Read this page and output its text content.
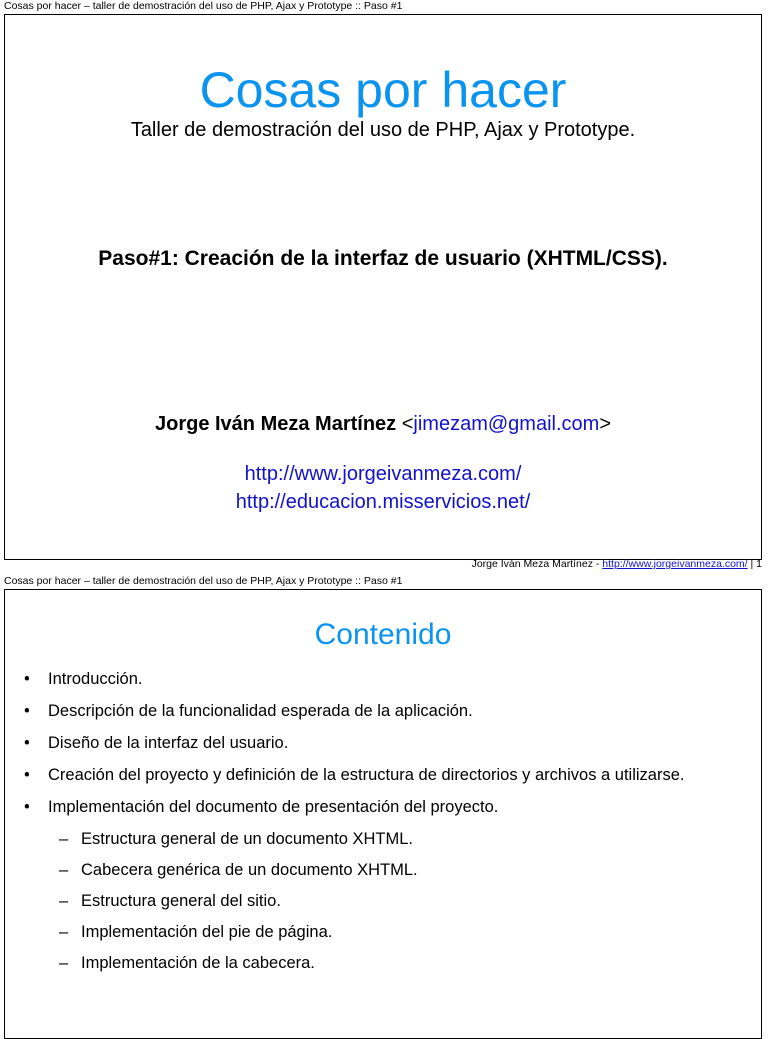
Cosas por hacer – taller de demostración del uso de PHP, Ajax y Prototype :: Paso #1
Cosas por hacer
Taller de demostración del uso de PHP, Ajax y Prototype.
Paso#1: Creación de la interfaz de usuario (XHTML/CSS).
Jorge Iván Meza Martínez <jimezam@gmail.com>
http://www.jorgeivanmeza.com/
http://educacion.misservicios.net/
Jorge Iván Meza Martínez - http://www.jorgeivanmeza.com/ | 1
Cosas por hacer – taller de demostración del uso de PHP, Ajax y Prototype :: Paso #1
Contenido
• Introducción.
• Descripción de la funcionalidad esperada de la aplicación.
• Diseño de la interfaz del usuario.
• Creación del proyecto y definición de la estructura de directorios y archivos a utilizarse.
• Implementación del documento de presentación del proyecto.
– Estructura general de un documento XHTML.
– Cabecera genérica de un documento XHTML.
– Estructura general del sitio.
– Implementación del pie de página.
– Implementación de la cabecera.
